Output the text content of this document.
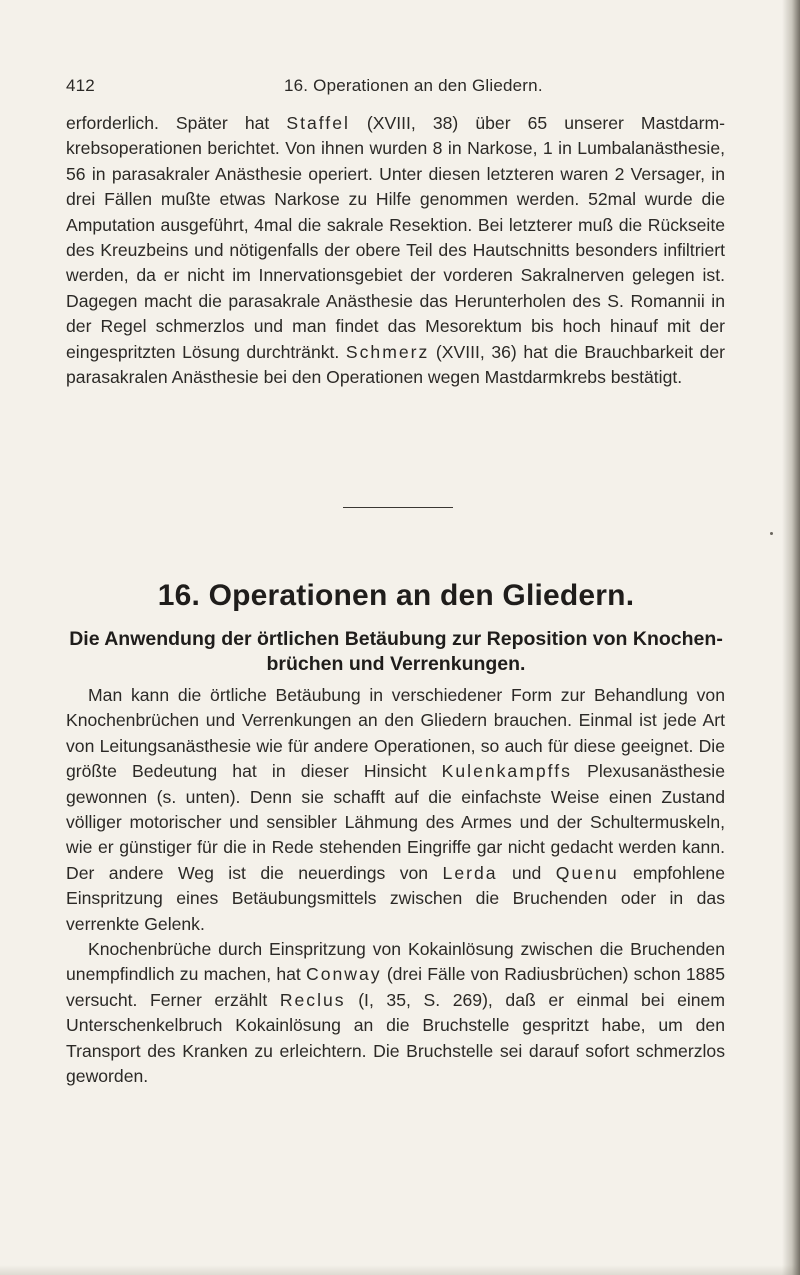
412	16. Operationen an den Gliedern.

erforderlich. Später hat Staffel (XVIII, 38) über 65 unserer Mastdarmkrebsoperationen berichtet. Von ihnen wurden 8 in Narkose, 1 in Lumbalanästhesie, 56 in parasakraler Anästhesie operiert. Unter diesen letzteren waren 2 Versager, in drei Fällen mußte etwas Narkose zu Hilfe genommen werden. 52mal wurde die Amputation ausgeführt, 4mal die sakrale Resektion. Bei letzterer muß die Rückseite des Kreuzbeins und nötigenfalls der obere Teil des Hautschnitts besonders infiltriert werden, da er nicht im Innervationsgebiet der vorderen Sakralnerven gelegen ist. Dagegen macht die parasakrale Anästhesie das Herunterholen des S. Romannii in der Regel schmerzlos und man findet das Mesorektum bis hoch hinauf mit der eingespritzten Lösung durchtränkt. Schmerz (XVIII, 36) hat die Brauchbarkeit der parasakralen Anästhesie bei den Operationen wegen Mastdarmkrebs bestätigt.

16. Operationen an den Gliedern.
Die Anwendung der örtlichen Betäubung zur Reposition von Knochenbrüchen und Verrenkungen.

Man kann die örtliche Betäubung in verschiedener Form zur Behandlung von Knochenbrüchen und Verrenkungen an den Gliedern brauchen. Einmal ist jede Art von Leitungsanästhesie wie für andere Operationen, so auch für diese geeignet. Die größte Bedeutung hat in dieser Hinsicht Kulenkampffs Plexusanästhesie gewonnen (s. unten). Denn sie schafft auf die einfachste Weise einen Zustand völliger motorischer und sensibler Lähmung des Armes und der Schultermuskeln, wie er günstiger für die in Rede stehenden Eingriffe gar nicht gedacht werden kann. Der andere Weg ist die neuerdings von Lerda und Quenu empfohlene Einspritzung eines Betäubungsmittels zwischen die Bruchenden oder in das verrenkte Gelenk.

Knochenbrüche durch Einspritzung von Kokainlösung zwischen die Bruchenden unempfindlich zu machen, hat Conway (drei Fälle von Radiusbrüchen) schon 1885 versucht. Ferner erzählt Reclus (I, 35, S. 269), daß er einmal bei einem Unterschenkelbruch Kokainlösung an die Bruchstelle gespritzt habe, um den Transport des Kranken zu erleichtern. Die Bruchstelle sei darauf sofort schmerzlos geworden.
